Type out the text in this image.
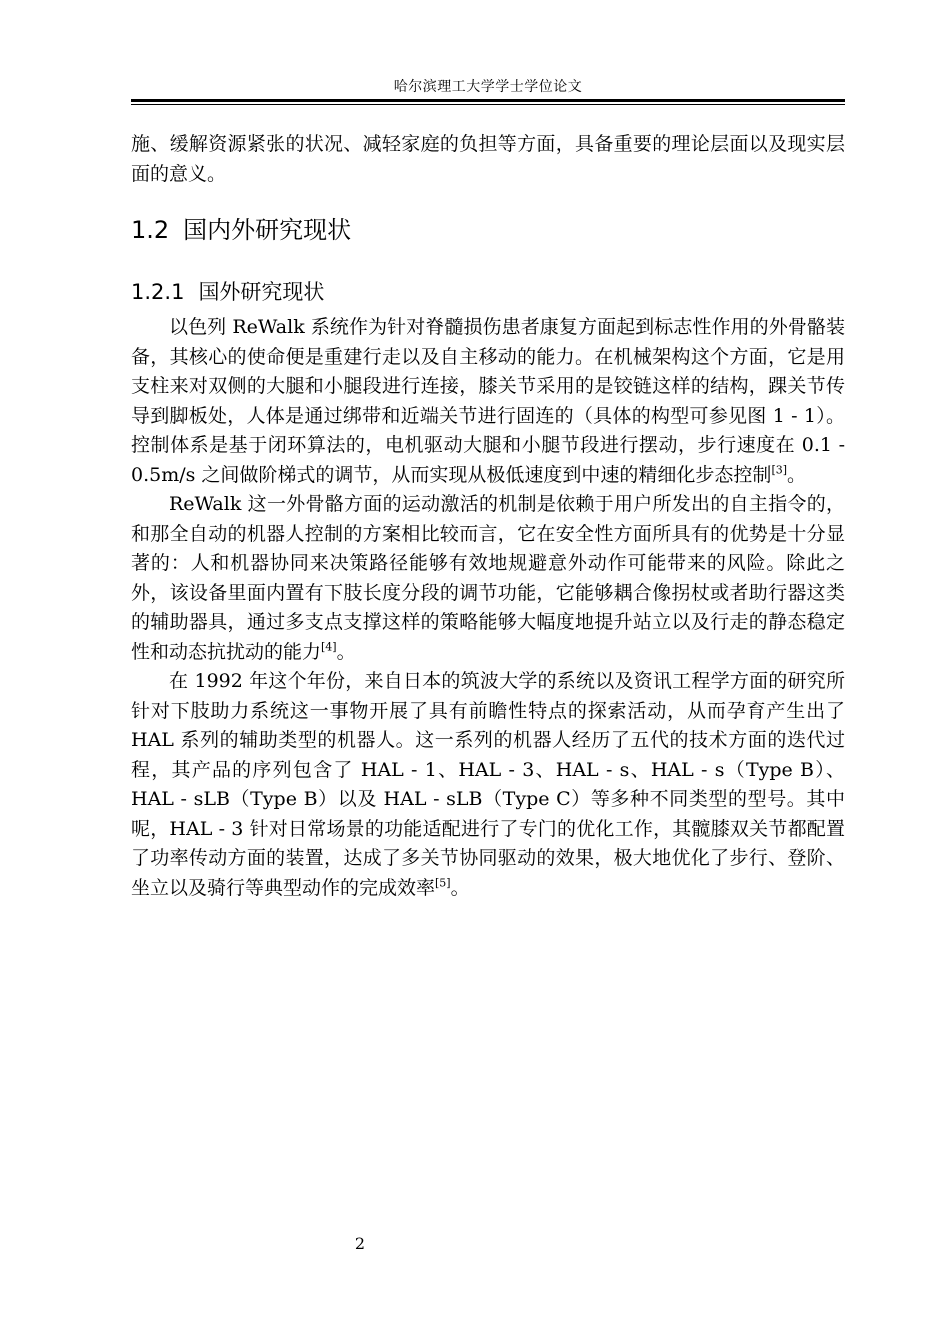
哈尔滨理工大学学士学位论文

施、缓解资源紧张的状况、减轻家庭的负担等方面，具备重要的理论层面以及现实层面的意义。

1.2 国内外研究现状
1.2.1 国外研究现状

以色列 ReWalk 系统作为针对脊髓损伤患者康复方面起到标志性作用的外骨骼装备，其核心的使命便是重建行走以及自主移动的能力。在机械架构这个方面，它是用支柱来对双侧的大腿和小腿段进行连接，膝关节采用的是铰链这样的结构，踝关节传导到脚板处，人体是通过绑带和近端关节进行固连的（具体的构型可参见图 1 - 1）。控制体系是基于闭环算法的，电机驱动大腿和小腿节段进行摆动，步行速度在 0.1 - 0.5m/s 之间做阶梯式的调节，从而实现从极低速度到中速的精细化步态控制[3]。

ReWalk 这一外骨骼方面的运动激活的机制是依赖于用户所发出的自主指令的，和那全自动的机器人控制的方案相比较而言，它在安全性方面所具有的优势是十分显著的：人和机器协同来决策路径能够有效地规避意外动作可能带来的风险。除此之外，该设备里面内置有下肢长度分段的调节功能，它能够耦合像拐杖或者助行器这类的辅助器具，通过多支点支撑这样的策略能够大幅度地提升站立以及行走的静态稳定性和动态抗扰动的能力[4]。

在 1992 年这个年份，来自日本的筑波大学的系统以及资讯工程学方面的研究所针对下肢助力系统这一事物开展了具有前瞻性特点的探索活动，从而孕育产生出了 HAL 系列的辅助类型的机器人。这一系列的机器人经历了五代的技术方面的迭代过程，其产品的序列包含了 HAL - 1、HAL - 3、HAL - s、HAL - s（Type B）、HAL - sLB（Type B）以及 HAL - sLB（Type C）等多种不同类型的型号。其中呢，HAL - 3 针对日常场景的功能适配进行了专门的优化工作，其髋膝双关节都配置了功率传动方面的装置，达成了多关节协同驱动的效果，极大地优化了步行、登阶、坐立以及骑行等典型动作的完成效率[5]。

2
